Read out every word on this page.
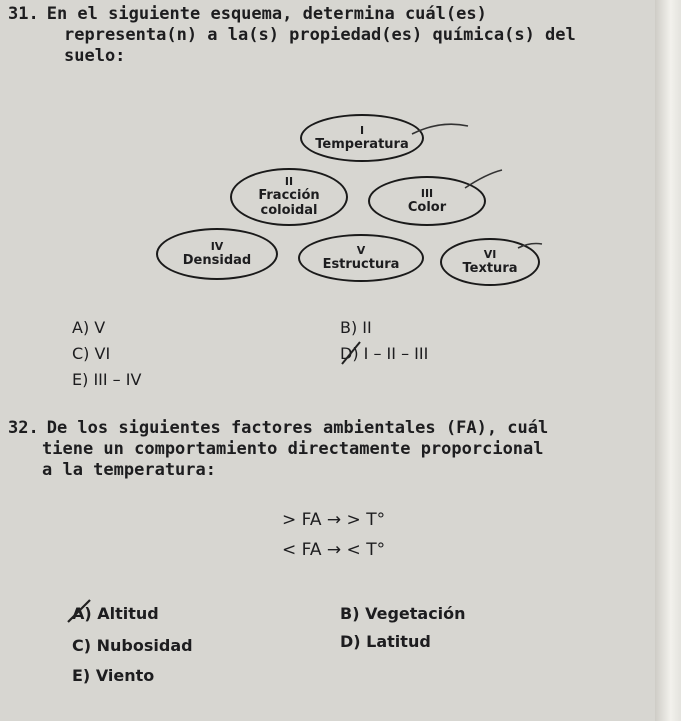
31. En el siguiente esquema, determina cuál(es)
representa(n) a la(s) propiedad(es) química(s) del
suelo:
I
Temperatura
II
Fracción coloidal
III
Color
IV
Densidad
V
Estructura
VI
Textura
A) V	B) II
C) VI	D) I – II – III
E) III – IV
32. De los siguientes factores ambientales (FA), cuál
tiene un comportamiento directamente proporcional
a la temperatura:
> FA → > T°
< FA → < T°
A) Altitud	B) Vegetación
C) Nubosidad	D) Latitud
E) Viento
